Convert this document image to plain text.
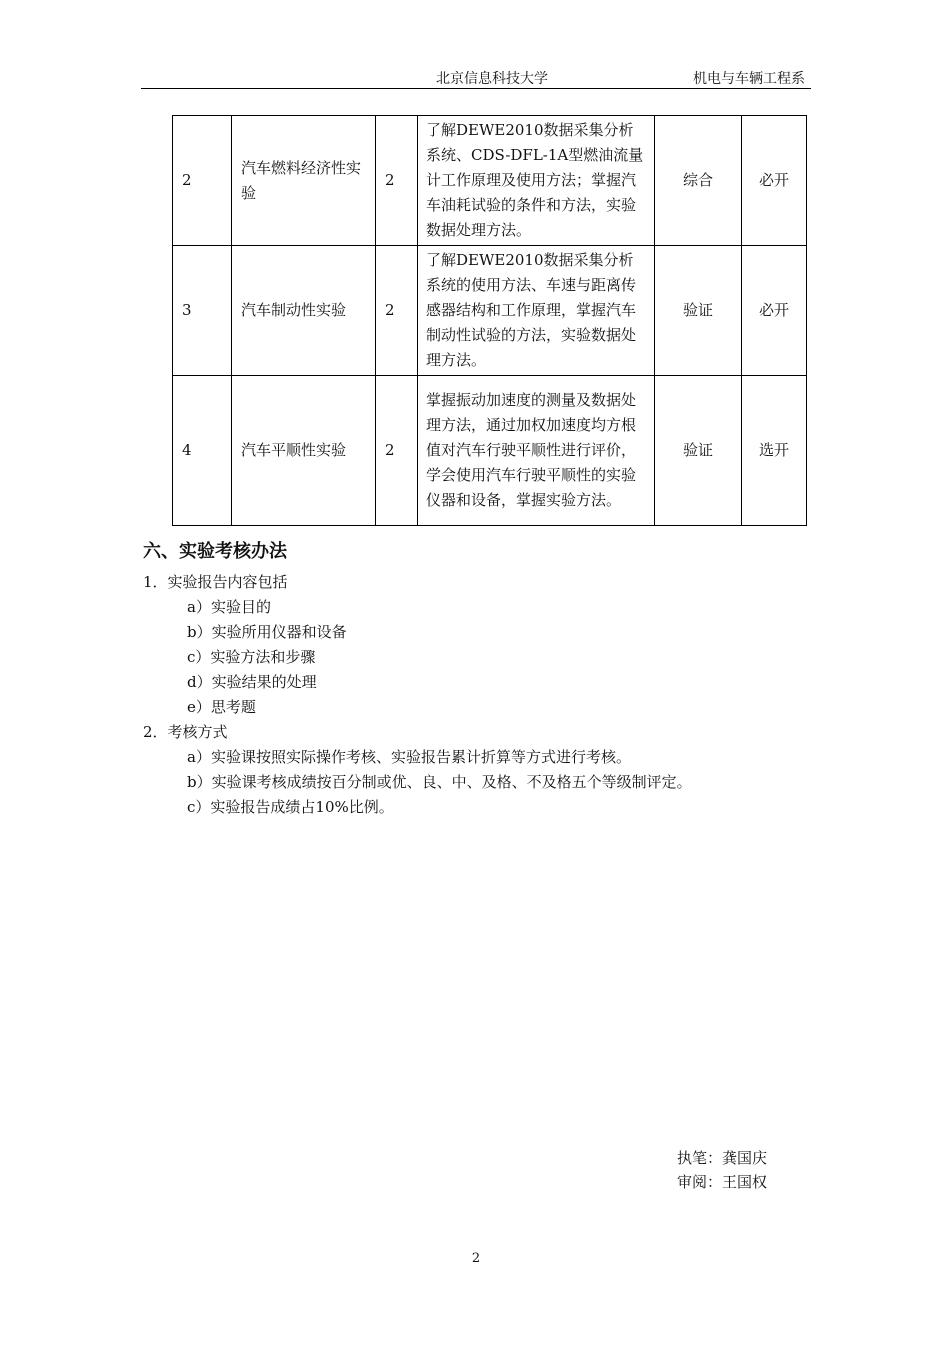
北京信息科技大学	机电与车辆工程系
2	汽车燃料经济性实验	2	了解DEWE2010数据采集分析系统、CDS-DFL-1A型燃油流量计工作原理及使用方法；掌握汽车油耗试验的条件和方法，实验数据处理方法。	综合	必开
3	汽车制动性实验	2	了解DEWE2010数据采集分析系统的使用方法、车速与距离传感器结构和工作原理，掌握汽车制动性试验的方法，实验数据处理方法。	验证	必开
4	汽车平顺性实验	2	掌握振动加速度的测量及数据处理方法，通过加权加速度均方根值对汽车行驶平顺性进行评价，学会使用汽车行驶平顺性的实验仪器和设备，掌握实验方法。	验证	选开
六、实验考核办法
1．实验报告内容包括
a）实验目的
b）实验所用仪器和设备
c）实验方法和步骤
d）实验结果的处理
e）思考题
2．考核方式
a）实验课按照实际操作考核、实验报告累计折算等方式进行考核。
b）实验课考核成绩按百分制或优、良、中、及格、不及格五个等级制评定。
c）实验报告成绩占10%比例。
执笔：龚国庆
审阅：王国权
2
